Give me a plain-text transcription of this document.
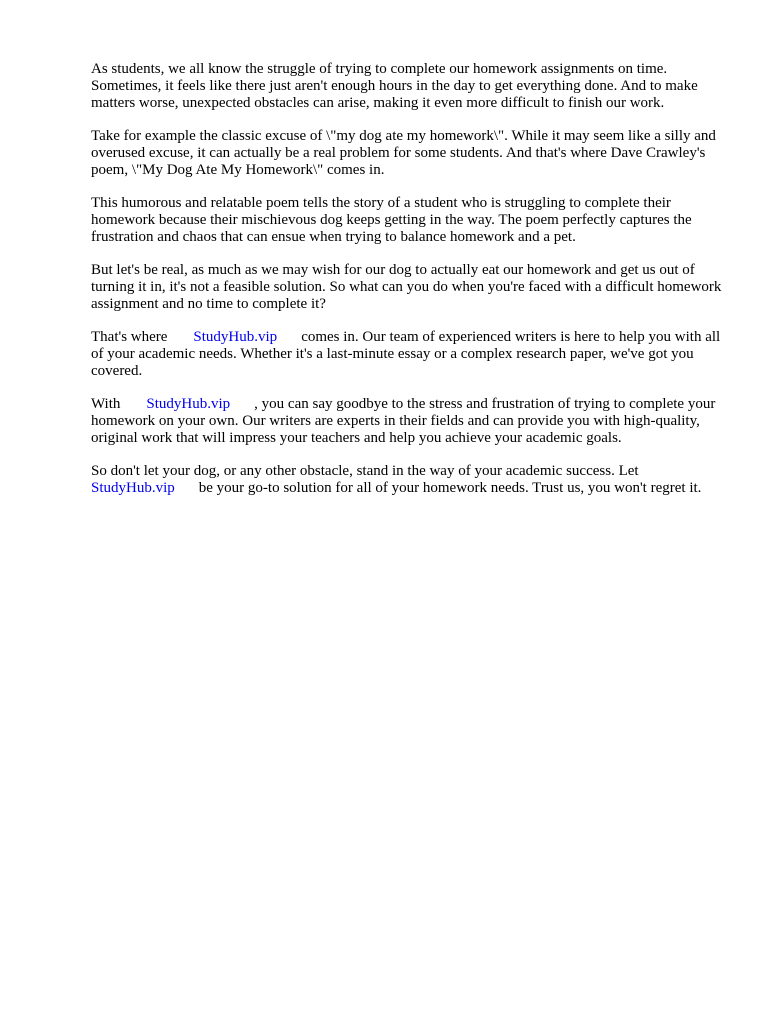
As students, we all know the struggle of trying to complete our homework assignments on time. Sometimes, it feels like there just aren't enough hours in the day to get everything done. And to make matters worse, unexpected obstacles can arise, making it even more difficult to finish our work.

Take for example the classic excuse of \"my dog ate my homework\". While it may seem like a silly and overused excuse, it can actually be a real problem for some students. And that's where Dave Crawley's poem, \"My Dog Ate My Homework\" comes in.

This humorous and relatable poem tells the story of a student who is struggling to complete their homework because their mischievous dog keeps getting in the way. The poem perfectly captures the frustration and chaos that can ensue when trying to balance homework and a pet.

But let's be real, as much as we may wish for our dog to actually eat our homework and get us out of turning it in, it's not a feasible solution. So what can you do when you're faced with a difficult homework assignment and no time to complete it?

That's where StudyHub.vip comes in. Our team of experienced writers is here to help you with all of your academic needs. Whether it's a last-minute essay or a complex research paper, we've got you covered.

With StudyHub.vip , you can say goodbye to the stress and frustration of trying to complete your homework on your own. Our writers are experts in their fields and can provide you with high-quality, original work that will impress your teachers and help you achieve your academic goals.

So don't let your dog, or any other obstacle, stand in the way of your academic success. Let StudyHub.vip be your go-to solution for all of your homework needs. Trust us, you won't regret it.
